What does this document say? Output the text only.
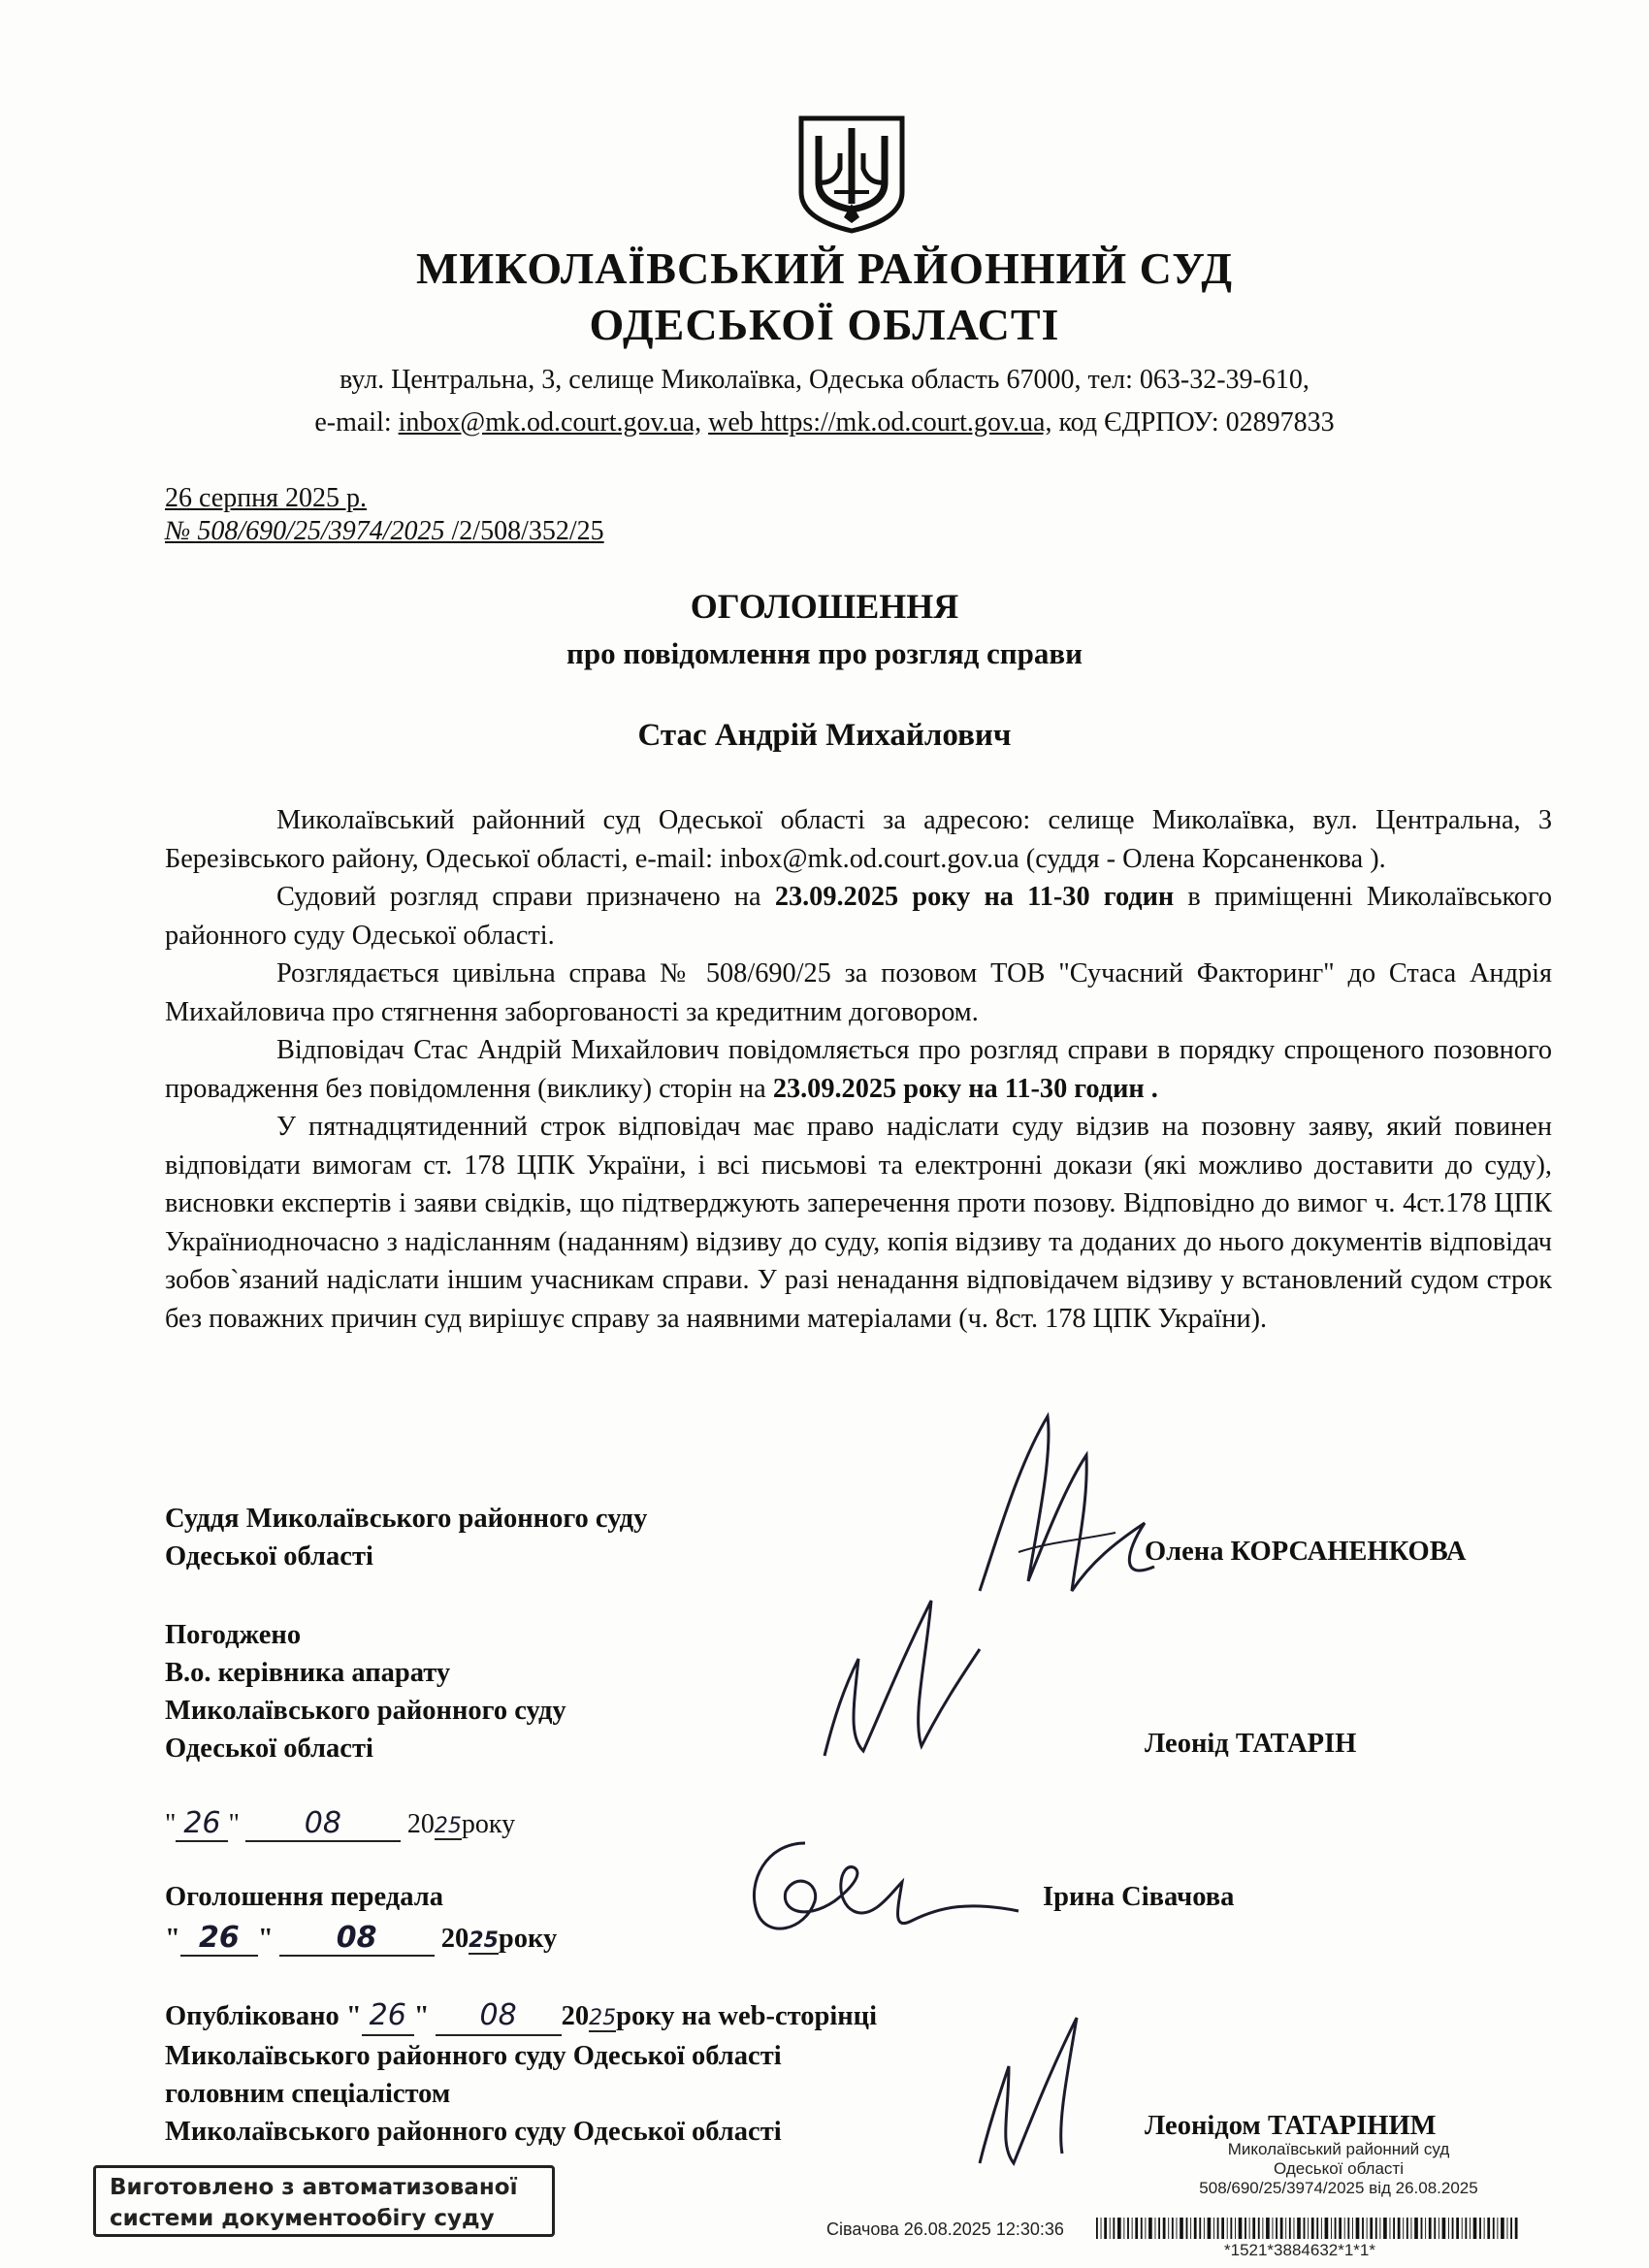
МИКОЛАЇВСЬКИЙ РАЙОННИЙ СУД
ОДЕСЬКОЇ ОБЛАСТІ
вул. Центральна, 3, селище Миколаївка, Одеська область 67000, тел: 063-32-39-610,
e-mail: inbox@mk.od.court.gov.ua, web https://mk.od.court.gov.ua, код ЄДРПОУ: 02897833
26 серпня 2025 р.
№ 508/690/25/3974/2025 /2/508/352/25
ОГОЛОШЕННЯ
про повідомлення про розгляд справи
Стас Андрій Михайлович

Миколаївський районний суд Одеської області за адресою: селище Миколаївка, вул. Центральна, 3 Березівського району, Одеської області, e-mail: inbox@mk.od.court.gov.ua (суддя - Олена Корсаненкова ).

Судовий розгляд справи призначено на 23.09.2025 року на 11-30 годин в приміщенні Миколаївського районного суду Одеської області.

Розглядається цивільна справа № 508/690/25 за позовом ТОВ "Сучасний Факторинг" до Стаса Андрія Михайловича про стягнення заборгованості за кредитним договором.

Відповідач Стас Андрій Михайлович повідомляється про розгляд справи в порядку спрощеного позовного провадження без повідомлення (виклику) сторін на 23.09.2025 року на 11-30 годин .

У пятнадцятиденний строк відповідач має право надіслати суду відзив на позовну заяву, який повинен відповідати вимогам ст. 178 ЦПК України, і всі письмові та електронні докази (які можливо доставити до суду), висновки експертів і заяви свідків, що підтверджують заперечення проти позову. Відповідно до вимог ч. 4ст.178 ЦПК Україниодночасно з надісланням (наданням) відзиву до суду, копія відзиву та доданих до нього документів відповідач зобов`язаний надіслати іншим учасникам справи. У разі ненадання відповідачем відзиву у встановлений судом строк без поважних причин суд вирішує справу за наявними матеріалами (ч. 8ст. 178 ЦПК України).

Суддя Миколаївського районного суду
Одеської області	Олена КОРСАНЕНКОВА
Погоджено
В.о. керівника апарату
Миколаївського районного суду
Одеської області	Леонід ТАТАРІН
" 26 " 08 2025року
Оголошення передала	Ірина Сівачова
" 26 " 08 2025року
Опубліковано " 26 " 08 2025року на web-сторінці
Миколаївського районного суду Одеської області
головним спеціалістом
Миколаївського районного суду Одеської області	Леонідом ТАТАРІНИМ
Виготовлено з автоматизованої
системи документообігу суду
Миколаївський районний суд
Одеської області
508/690/25/3974/2025 від 26.08.2025
Сівачова 26.08.2025 12:30:36
*1521*3884632*1*1*
